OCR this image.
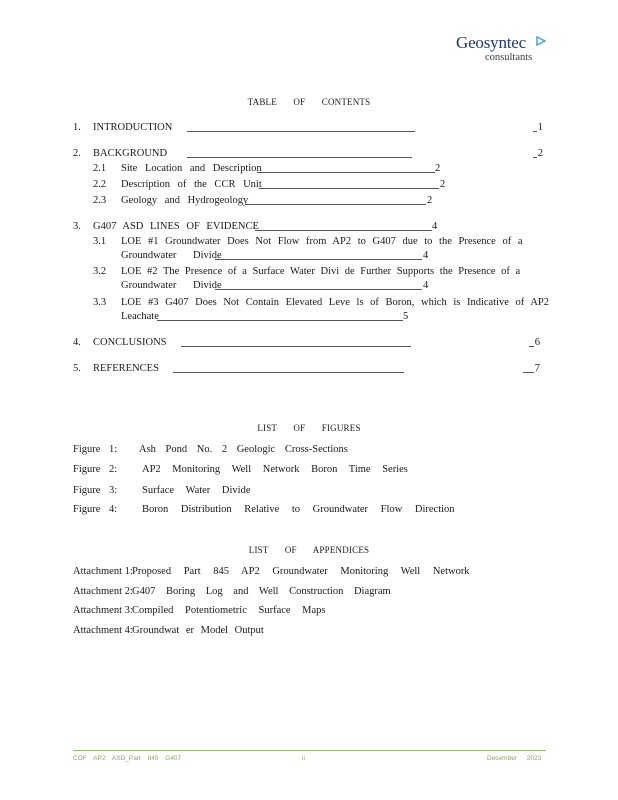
Geosyntec
consultants
TABLE OF CONTENTS
1. INTRODUCTION	1
2. BACKGROUND	2
2.1 Site Location and Description	2
2.2 Description of the CCR Unit	2
2.3 Geology and Hydrogeology	2
3. G407 ASD LINES OF EVIDENCE	4
3.1 LOE #1 Groundwater Does Not Flow from AP2 to G407 due to the Presence of a
Groundwater Divide	4
3.2 LOE #2 The Presence of a Surface Water Divi de Further Supports the Presence of a
Groundwater Divide	4
3.3 LOE #3 G407 Does Not Contain Elevated Leve ls of Boron, which is Indicative of AP2
Leachate	5
4. CONCLUSIONS	6
5. REFERENCES	7
LIST OF FIGURES
Figure 1: Ash Pond No. 2 Geologic Cross-Sections
Figure 2: AP2 Monitoring Well Network Boron Time Series
Figure 3: Surface Water Divide
Figure 4: Boron Distribution Relative to Groundwater Flow Direction
LIST OF APPENDICES
Attachment 1:Proposed Part 845 AP2 Groundwater Monitoring Well Network
Attachment 2:G407 Boring Log and Well Construction Diagram
Attachment 3:Compiled Potentiometric Surface Maps
Attachment 4:Groundwat er Model Output
COF AP2 ASD_Part 845 G407	ii	December 2023
